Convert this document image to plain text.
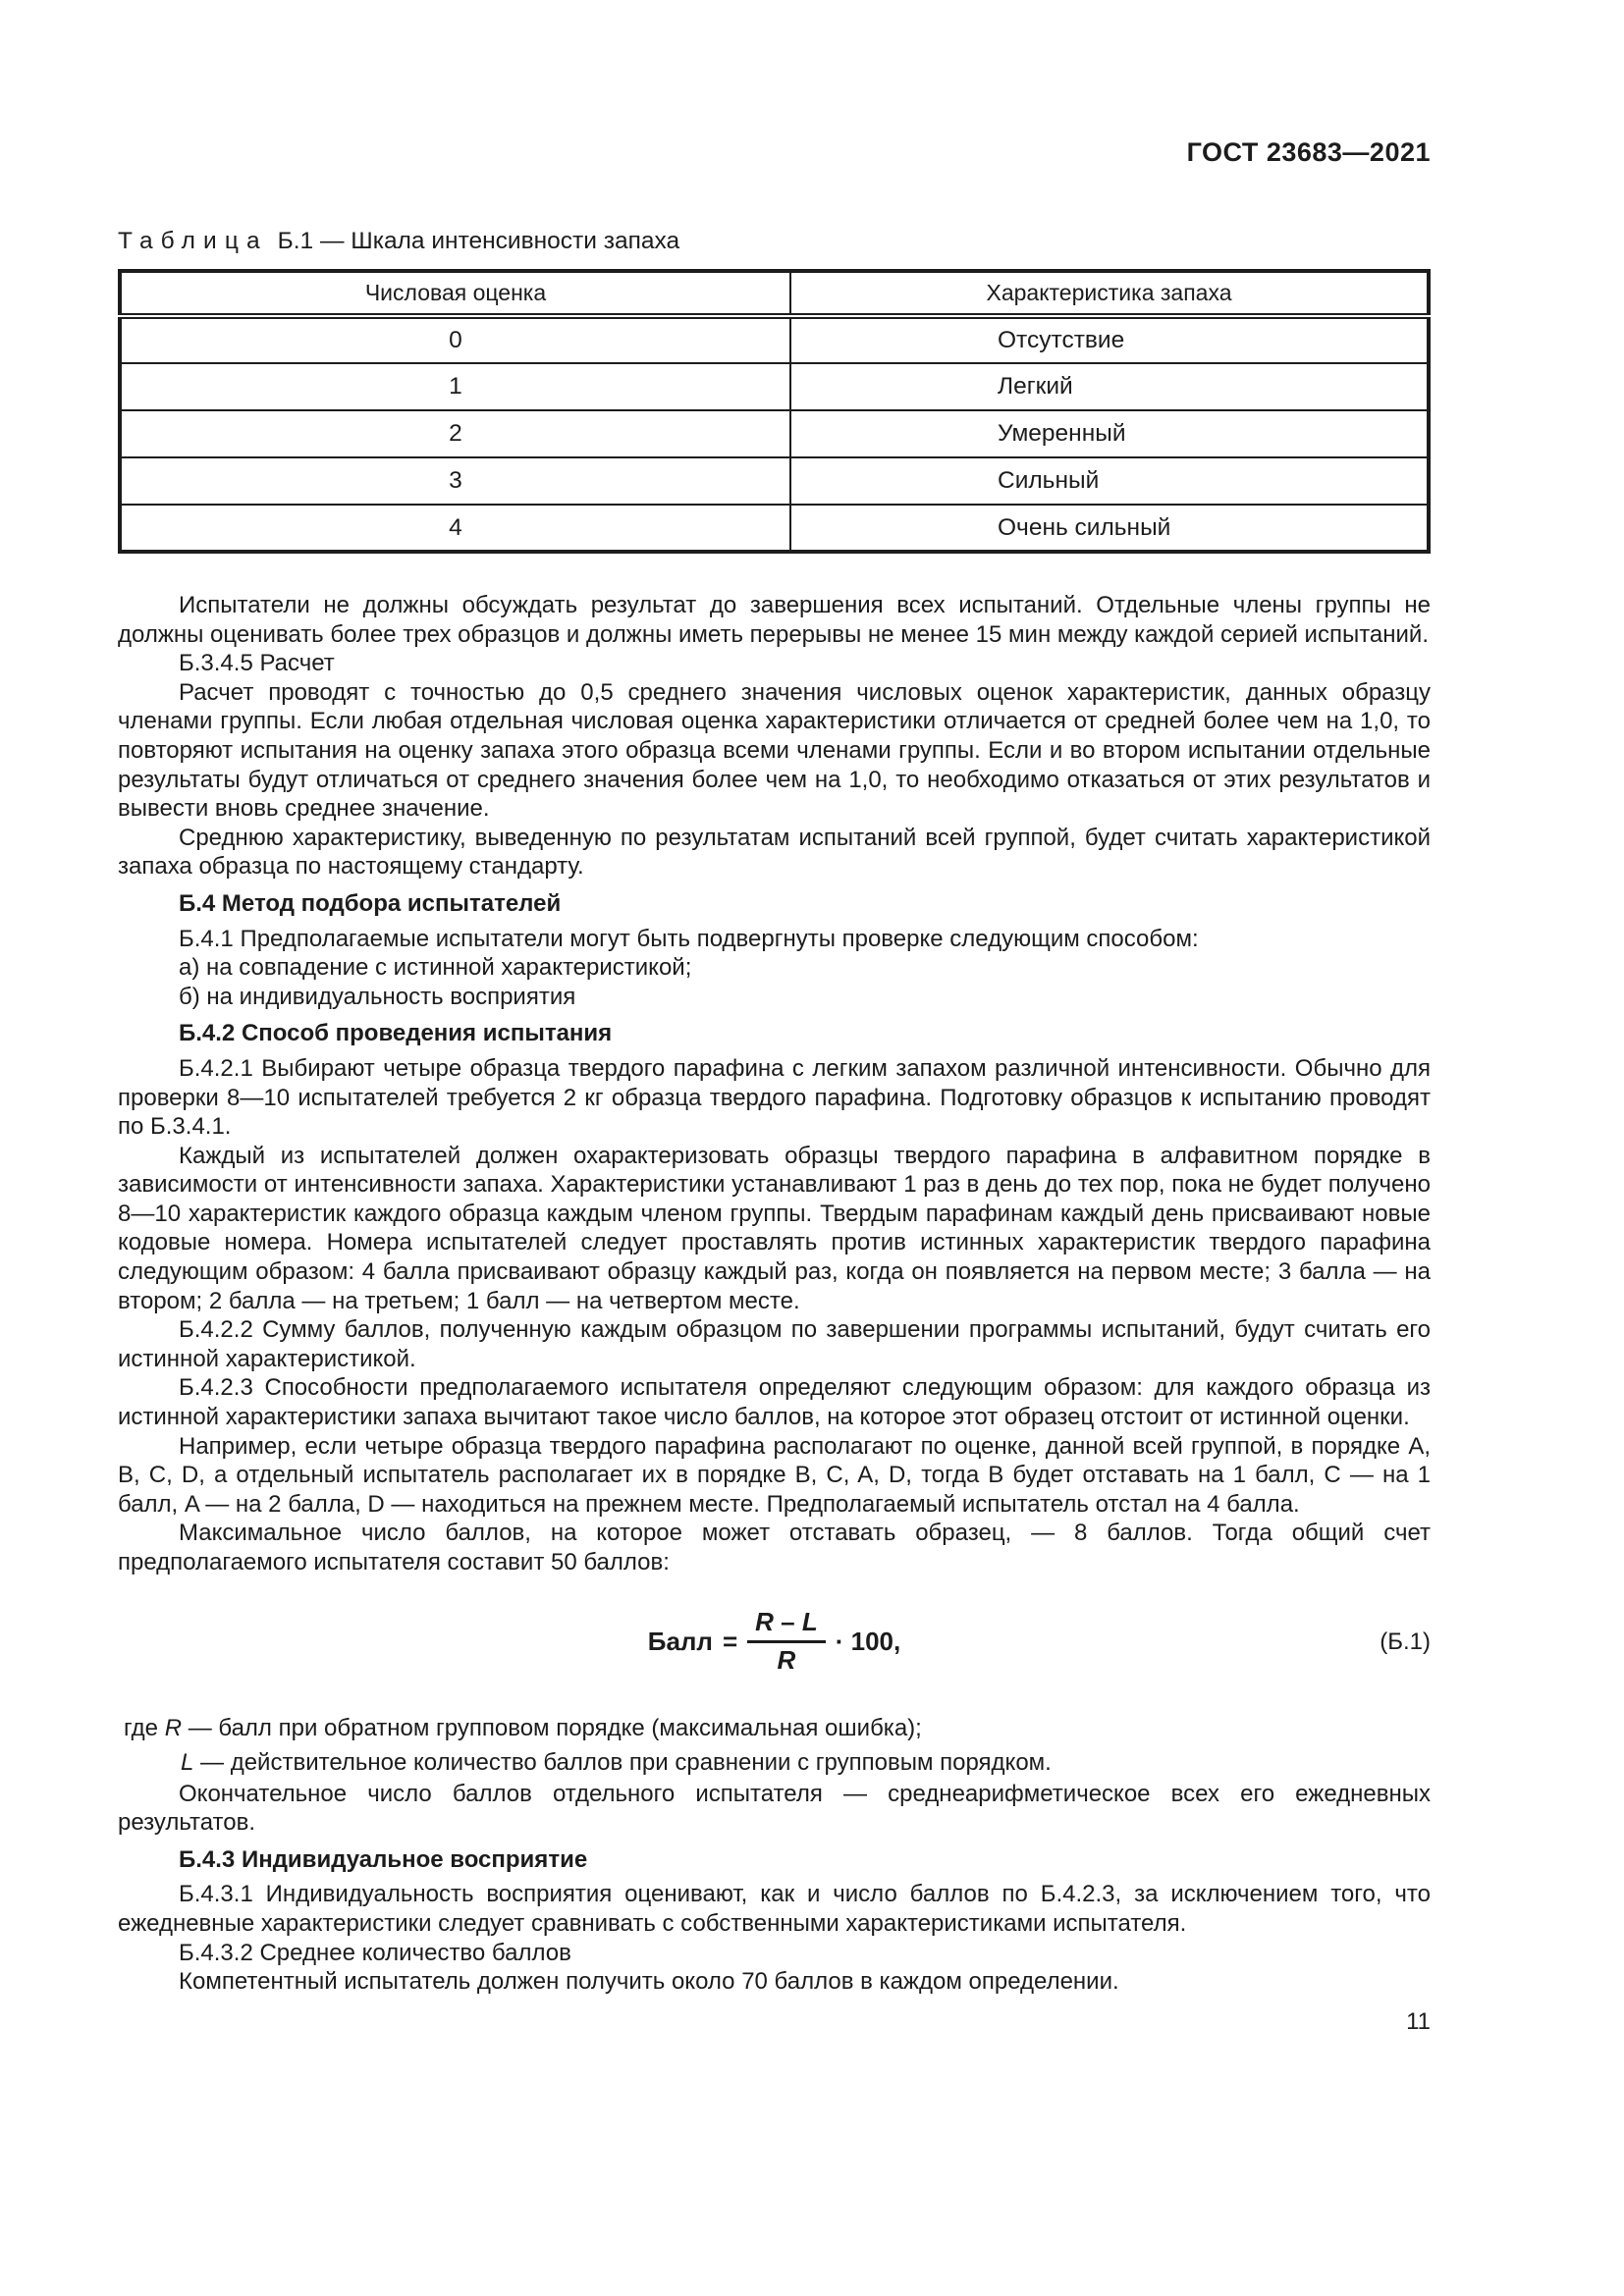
ГОСТ 23683—2021
Таблица Б.1 — Шкала интенсивности запаха
Числовая оценка	Характеристика запаха
0	Отсутствие
1	Легкий
2	Умеренный
3	Сильный
4	Очень сильный

Испытатели не должны обсуждать результат до завершения всех испытаний. Отдельные члены группы не должны оценивать более трех образцов и должны иметь перерывы не менее 15 мин между каждой серией испытаний.

Б.3.4.5 Расчет

Расчет проводят с точностью до 0,5 среднего значения числовых оценок характеристик, данных образцу членами группы. Если любая отдельная числовая оценка характеристики отличается от средней более чем на 1,0, то повторяют испытания на оценку запаха этого образца всеми членами группы. Если и во втором испытании отдельные результаты будут отличаться от среднего значения более чем на 1,0, то необходимо отказаться от этих результатов и вывести вновь среднее значение.

Среднюю характеристику, выведенную по результатам испытаний всей группой, будет считать характеристикой запаха образца по настоящему стандарту.

Б.4 Метод подбора испытателей

Б.4.1 Предполагаемые испытатели могут быть подвергнуты проверке следующим способом:

а) на совпадение с истинной характеристикой;

б) на индивидуальность восприятия

Б.4.2 Способ проведения испытания

Б.4.2.1 Выбирают четыре образца твердого парафина с легким запахом различной интенсивности. Обычно для проверки 8—10 испытателей требуется 2 кг образца твердого парафина. Подготовку образцов к испытанию проводят по Б.3.4.1.

Каждый из испытателей должен охарактеризовать образцы твердого парафина в алфавитном порядке в зависимости от интенсивности запаха. Характеристики устанавливают 1 раз в день до тех пор, пока не будет получено 8—10 характеристик каждого образца каждым членом группы. Твердым парафинам каждый день присваивают новые кодовые номера. Номера испытателей следует проставлять против истинных характеристик твердого парафина следующим образом: 4 балла присваивают образцу каждый раз, когда он появляется на первом месте; 3 балла — на втором; 2 балла — на третьем; 1 балл — на четвертом месте.

Б.4.2.2 Сумму баллов, полученную каждым образцом по завершении программы испытаний, будут считать его истинной характеристикой.

Б.4.2.3 Способности предполагаемого испытателя определяют следующим образом: для каждого образца из истинной характеристики запаха вычитают такое число баллов, на которое этот образец отстоит от истинной оценки.

Например, если четыре образца твердого парафина располагают по оценке, данной всей группой, в порядке A, B, C, D, а отдельный испытатель располагает их в порядке B, C, A, D, тогда B будет отставать на 1 балл, C — на 1 балл, A — на 2 балла, D — находиться на прежнем месте. Предполагаемый испытатель отстал на 4 балла.

Максимальное число баллов, на которое может отставать образец, — 8 баллов. Тогда общий счет предполагаемого испытателя составит 50 баллов:

Балл = $\frac{R - L}{R} \cdot 100$,	(Б.1)

где R — балл при обратном групповом порядке (максимальная ошибка);

L — действительное количество баллов при сравнении с групповым порядком.

Окончательное число баллов отдельного испытателя — среднеарифметическое всех его ежедневных результатов.

Б.4.3 Индивидуальное восприятие

Б.4.3.1 Индивидуальность восприятия оценивают, как и число баллов по Б.4.2.3, за исключением того, что ежедневные характеристики следует сравнивать с собственными характеристиками испытателя.

Б.4.3.2 Среднее количество баллов

Компетентный испытатель должен получить около 70 баллов в каждом определении.

11
